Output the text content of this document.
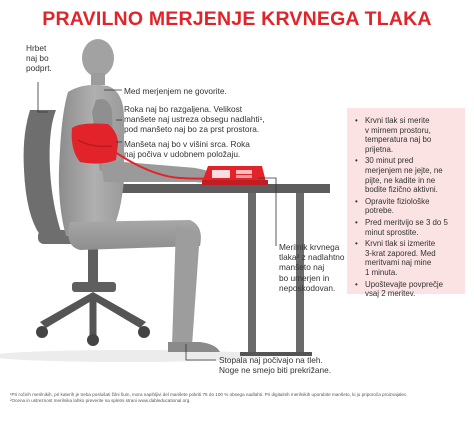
PRAVILNO MERJENJE KRVNEGA TLAKA
Hrbet
naj bo
podprt.
Med merjenjem ne govorite.
Roka naj bo razgaljena. Velikost
manšete naj ustreza obsegu nadlahti¹,
pod manšeto naj bo za prst prostora.
Manšeta naj bo v višini srca. Roka
naj počiva v udobnem položaju.
Merilnik krvnega
tlaka² z nadlahtno
manšeto naj
bo umerjen in
neposkodovan.
Stopala naj počivajo na tleh.
Noge ne smejo biti prekrižane.
• Krvni tlak si merite
v mirnem prostoru,
temperatura naj bo
prijetna.
• 30 minut pred
merjenjem ne jejte, ne
pijte, ne kadite in ne
bodite fizično aktivni.
• Opravite fiziološke
potrebe.
• Pred meritvijo se 3 do 5
minut sprostite.
• Krvni tlak si izmerite
3-krat zapored. Med
meritvami naj mine
1 minuta.
• Upoštevajte povprečje
vsaj 2 meritev.
¹Pri ročnih merilnikih, pri katerih je treba poslušati žilni šum, mora napihljivi del manšete pokriti 75 do 100 % obsega nadlahti. Pri digitalnih merilnikih uporabite manšeto, ki jo priporoča proizvajalec.
²Ocena in ustreznost merilnika lahko preverite na spletni strani www.dableducational.org.
